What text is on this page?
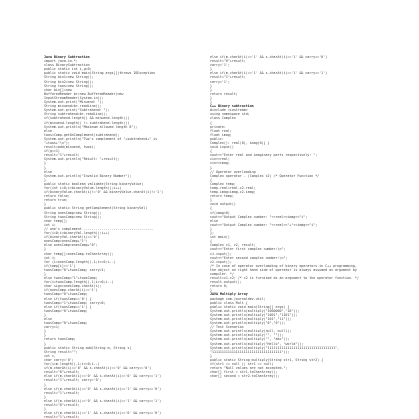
Java Binary Subtraction
import java.io.*;
class BinarySubtraction
public static int i,g=0;
public static void main(String args[])throws IOException
String bin1=new String();
String bin2=new String();
String twos=new String();
char bin[]=new
BufferedReader br=new BufferedReader(new
InputStreamReader(System.in));
System.out.print("Minuend: ");
String minuend=br.readLine();
System.out.print("Subtrahend: ");
String subtrahend=br.readLine();
if(subtrahend.length() && minuend.length())
if(minuend.length() != subtrahend.length())
System.out.println("Maximum allowed length 8");
else
twos=Comp.getOnComplement(subtrahend);
System.out.println("Two's complement of "+subtrahend+" is
"+twos+"\n");
result=add(minuend, twos);
if(g==1)
result="1"+result;
System.out.println("Result: "+result);
}
}
else
System.out.println("Invalid Binary Number");
}
public static boolean validate(String binaryValue)
for(int i=0;i<binaryValue.length();i++)
if(binaryValue.charAt(i)!='0' && binaryValue.charAt(i)!='1')
return false;
return true;
}
public static String getComplement(String binaryVal)
String onesComp=new String();
String twosComp=new String();
char temp[];
int i;
// one's complement -----------------------------------
for(i=0;i<binaryVal.length();i++)
if(binaryVal.charAt(i)=='0')
onesComp=onesComp+"1";
else onesComp=onesComp+"0";
}
char temp[]=onesComp.toCharArray();
int i;
for (i=onesComp.length()-1;i>=0;i--)
if(temp[i]=='1')
twosComp="0"+twosComp; carry=1;
}
else twosComp="1"+twosComp;
for(i=twosComp.length()-1;i>=0;i--)
char sign=onesComp.charAt(i);
if(onesComp.charAt(i)=='1')
twosComp="0"+twosComp;
else if(twosComp=='0') {
twosComp="1"+twosComp; carry=0;
else if(twosComp=='1') {
twosComp="0"+twosComp;
}
else
twosComp="0"+twosComp;
carry=1;
}
}
return twosComp;
}
public static String add(String m, String s)
String result="";
int c,
char carry='0';
for(i=m.length()-1;i>=0;i--)
if(m.charAt(i)=='0' && s.charAt(i)=='0' && carry=='0')
result="0"+result;
else if(m.charAt(i)=='0' && s.charAt(i)=='0' && carry=='1')
result="1"+result; carry='0';
}
else if(m.charAt(i)=='0' && s.charAt(i)=='1' && carry=='0')
result="1"+result;
}
else if(m.charAt(i)=='0' && s.charAt(i)=='1' && carry=='1')
result="0"+result;
}
else if(m.charAt(i)=='1' && s.charAt(i)=='0' && carry=='0')
result="1"+result;
else if(m.charAt(i)=='1' && s.charAt(i)=='1' && carry=='0')
result="0"+result;
carry='1';
}
else if(m.charAt(i)=='1' && s.charAt(i)=='1' && carry=='1')
result="1"+result;
carry='1';
}
}
return result;
}
}
C++ Binary subtraction
#include <iostream>
using namespace std;
class Complex
{
private:
float real;
float imag;
public:
Complex(): real(0), imag(0){ }
void input()
{
cout<<"Enter real and imaginary parts respectively: ";
cin>>real;
cin>>imag;
}
// Operator overloading
Complex operator - (Complex c2) /* Operator Function */
{
Complex temp;
temp.real=real-c2.real;
temp.imag=imag-c2.imag;
return temp;
}
void output()
{
if(imag<0)
cout<<"Output Complex number: "<<real<<imag<<"i";
else
cout<<"Output Complex number: "<<real<<"+"<<imag<<"i";
}
};
int main()
{
Complex c1, c2, result;
cout<<"Enter first complex number:\n";
c1.input();
cout<<"Enter second complex number:\n";
c2.input();
/* In case of operator overloading of binary operators in C++ programming,
the object on right hand side of operator is always assumed as argument by
compiler. */
result=c1-c2; /* c2 is furnised as an argument to the operator function. */
result.output();
return 0;
}
JAVA Multiply Array
package com.journaldev.util;
public class Mult {
public static void main(String[] args) {
System.out.println(multiply("1000000","10"));
System.out.println(multiply("1001","1101"));
System.out.println(multiply("101","11"));
System.out.println(multiply("0","0"));
// Test Scenarios
System.out.println(multiply(null, null));
System.out.println(multiply("", ""));
System.out.println(multiply("", "abc"));
System.out.println(multiply("Hello", "world"));
System.out.println(multiply("1111111111111111111111111111111111",
"11111111111111111111111111111111111"));
}
public static String multiply(String str1, String str2) {
if(str1 == null || str1 == null)
return "Null values are not accepted.";
char[] first = str1.toCharArray();
char[] second = str2.toCharArray();
